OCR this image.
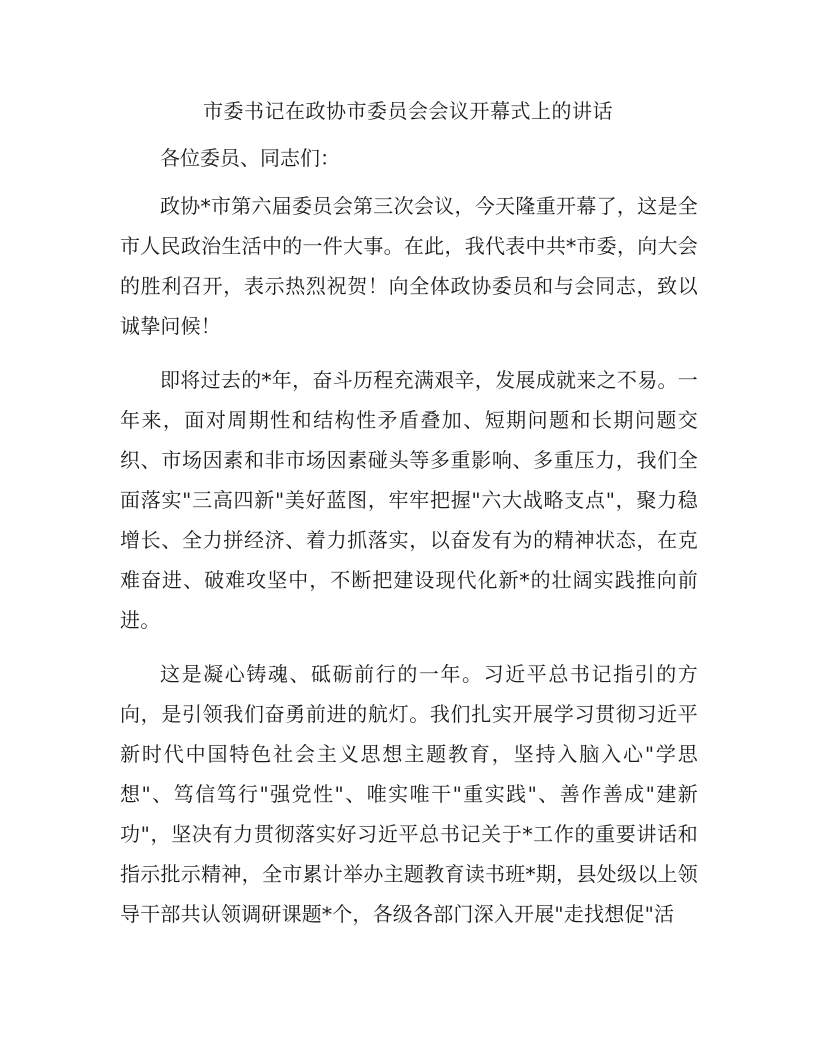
市委书记在政协市委员会会议开幕式上的讲话

各位委员、同志们：

政协*市第六届委员会第三次会议，今天隆重开幕了，这是全市人民政治生活中的一件大事。在此，我代表中共*市委，向大会的胜利召开，表示热烈祝贺！向全体政协委员和与会同志，致以诚挚问候！

即将过去的*年，奋斗历程充满艰辛，发展成就来之不易。一年来，面对周期性和结构性矛盾叠加、短期问题和长期问题交织、市场因素和非市场因素碰头等多重影响、多重压力，我们全面落实"三高四新"美好蓝图，牢牢把握"六大战略支点"，聚力稳增长、全力拼经济、着力抓落实，以奋发有为的精神状态，在克难奋进、破难攻坚中，不断把建设现代化新*的壮阔实践推向前进。

这是凝心铸魂、砥砺前行的一年。习近平总书记指引的方向，是引领我们奋勇前进的航灯。我们扎实开展学习贯彻习近平新时代中国特色社会主义思想主题教育，坚持入脑入心"学思想"、笃信笃行"强党性"、唯实唯干"重实践"、善作善成"建新功"，坚决有力贯彻落实好习近平总书记关于*工作的重要讲话和指示批示精神，全市累计举办主题教育读书班*期，县处级以上领导干部共认领调研课题*个，各级各部门深入开展"走找想促"活
